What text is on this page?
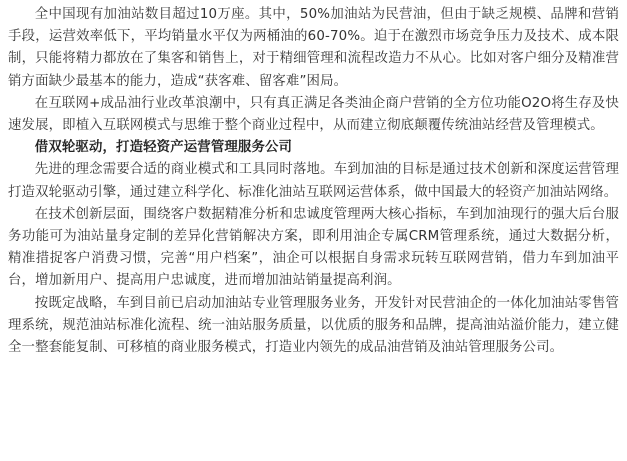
全中国现有加油站数目超过10万座。其中，50%加油站为民营油，但由于缺乏规模、品牌和营销手段，运营效率低下，平均销量水平仅为两桶油的60-70%。迫于在激烈市场竞争压力及技术、成本限制，只能将精力都放在了集客和销售上，对于精细管理和流程改造力不从心。比如对客户细分及精准营销方面缺少最基本的能力，造成“获客难、留客难”困局。

在互联网+成品油行业改革浪潮中，只有真正满足各类油企商户营销的全方位功能O2O将生存及快速发展，即植入互联网模式与思维于整个商业过程中，从而建立彻底颠覆传统油站经营及管理模式。

借双轮驱动，打造轻资产运营管理服务公司

先进的理念需要合适的商业模式和工具同时落地。车到加油的目标是通过技术创新和深度运营管理打造双轮驱动引擎，通过建立科学化、标准化油站互联网运营体系，做中国最大的轻资产加油站网络。

在技术创新层面，围绕客户数据精准分析和忠诚度管理两大核心指标，车到加油现行的强大后台服务功能可为油站量身定制的差异化营销解决方案，即利用油企专属CRM管理系统，通过大数据分析，精准措捉客户消费习惯，完善“用户档案”，油企可以根据自身需求玩转互联网营销，借力车到加油平台，增加新用户、提高用户忠诚度，进而增加油站销量提高利润。

按既定战略，车到目前已启动加油站专业管理服务业务，开发针对民营油企的一体化加油站零售管理系统，规范油站标准化流程、统一油站服务质量，以优质的服务和品牌，提高油站溢价能力，建立健全一整套能复制、可移植的商业服务模式，打造业内领先的成品油营销及油站管理服务公司。
